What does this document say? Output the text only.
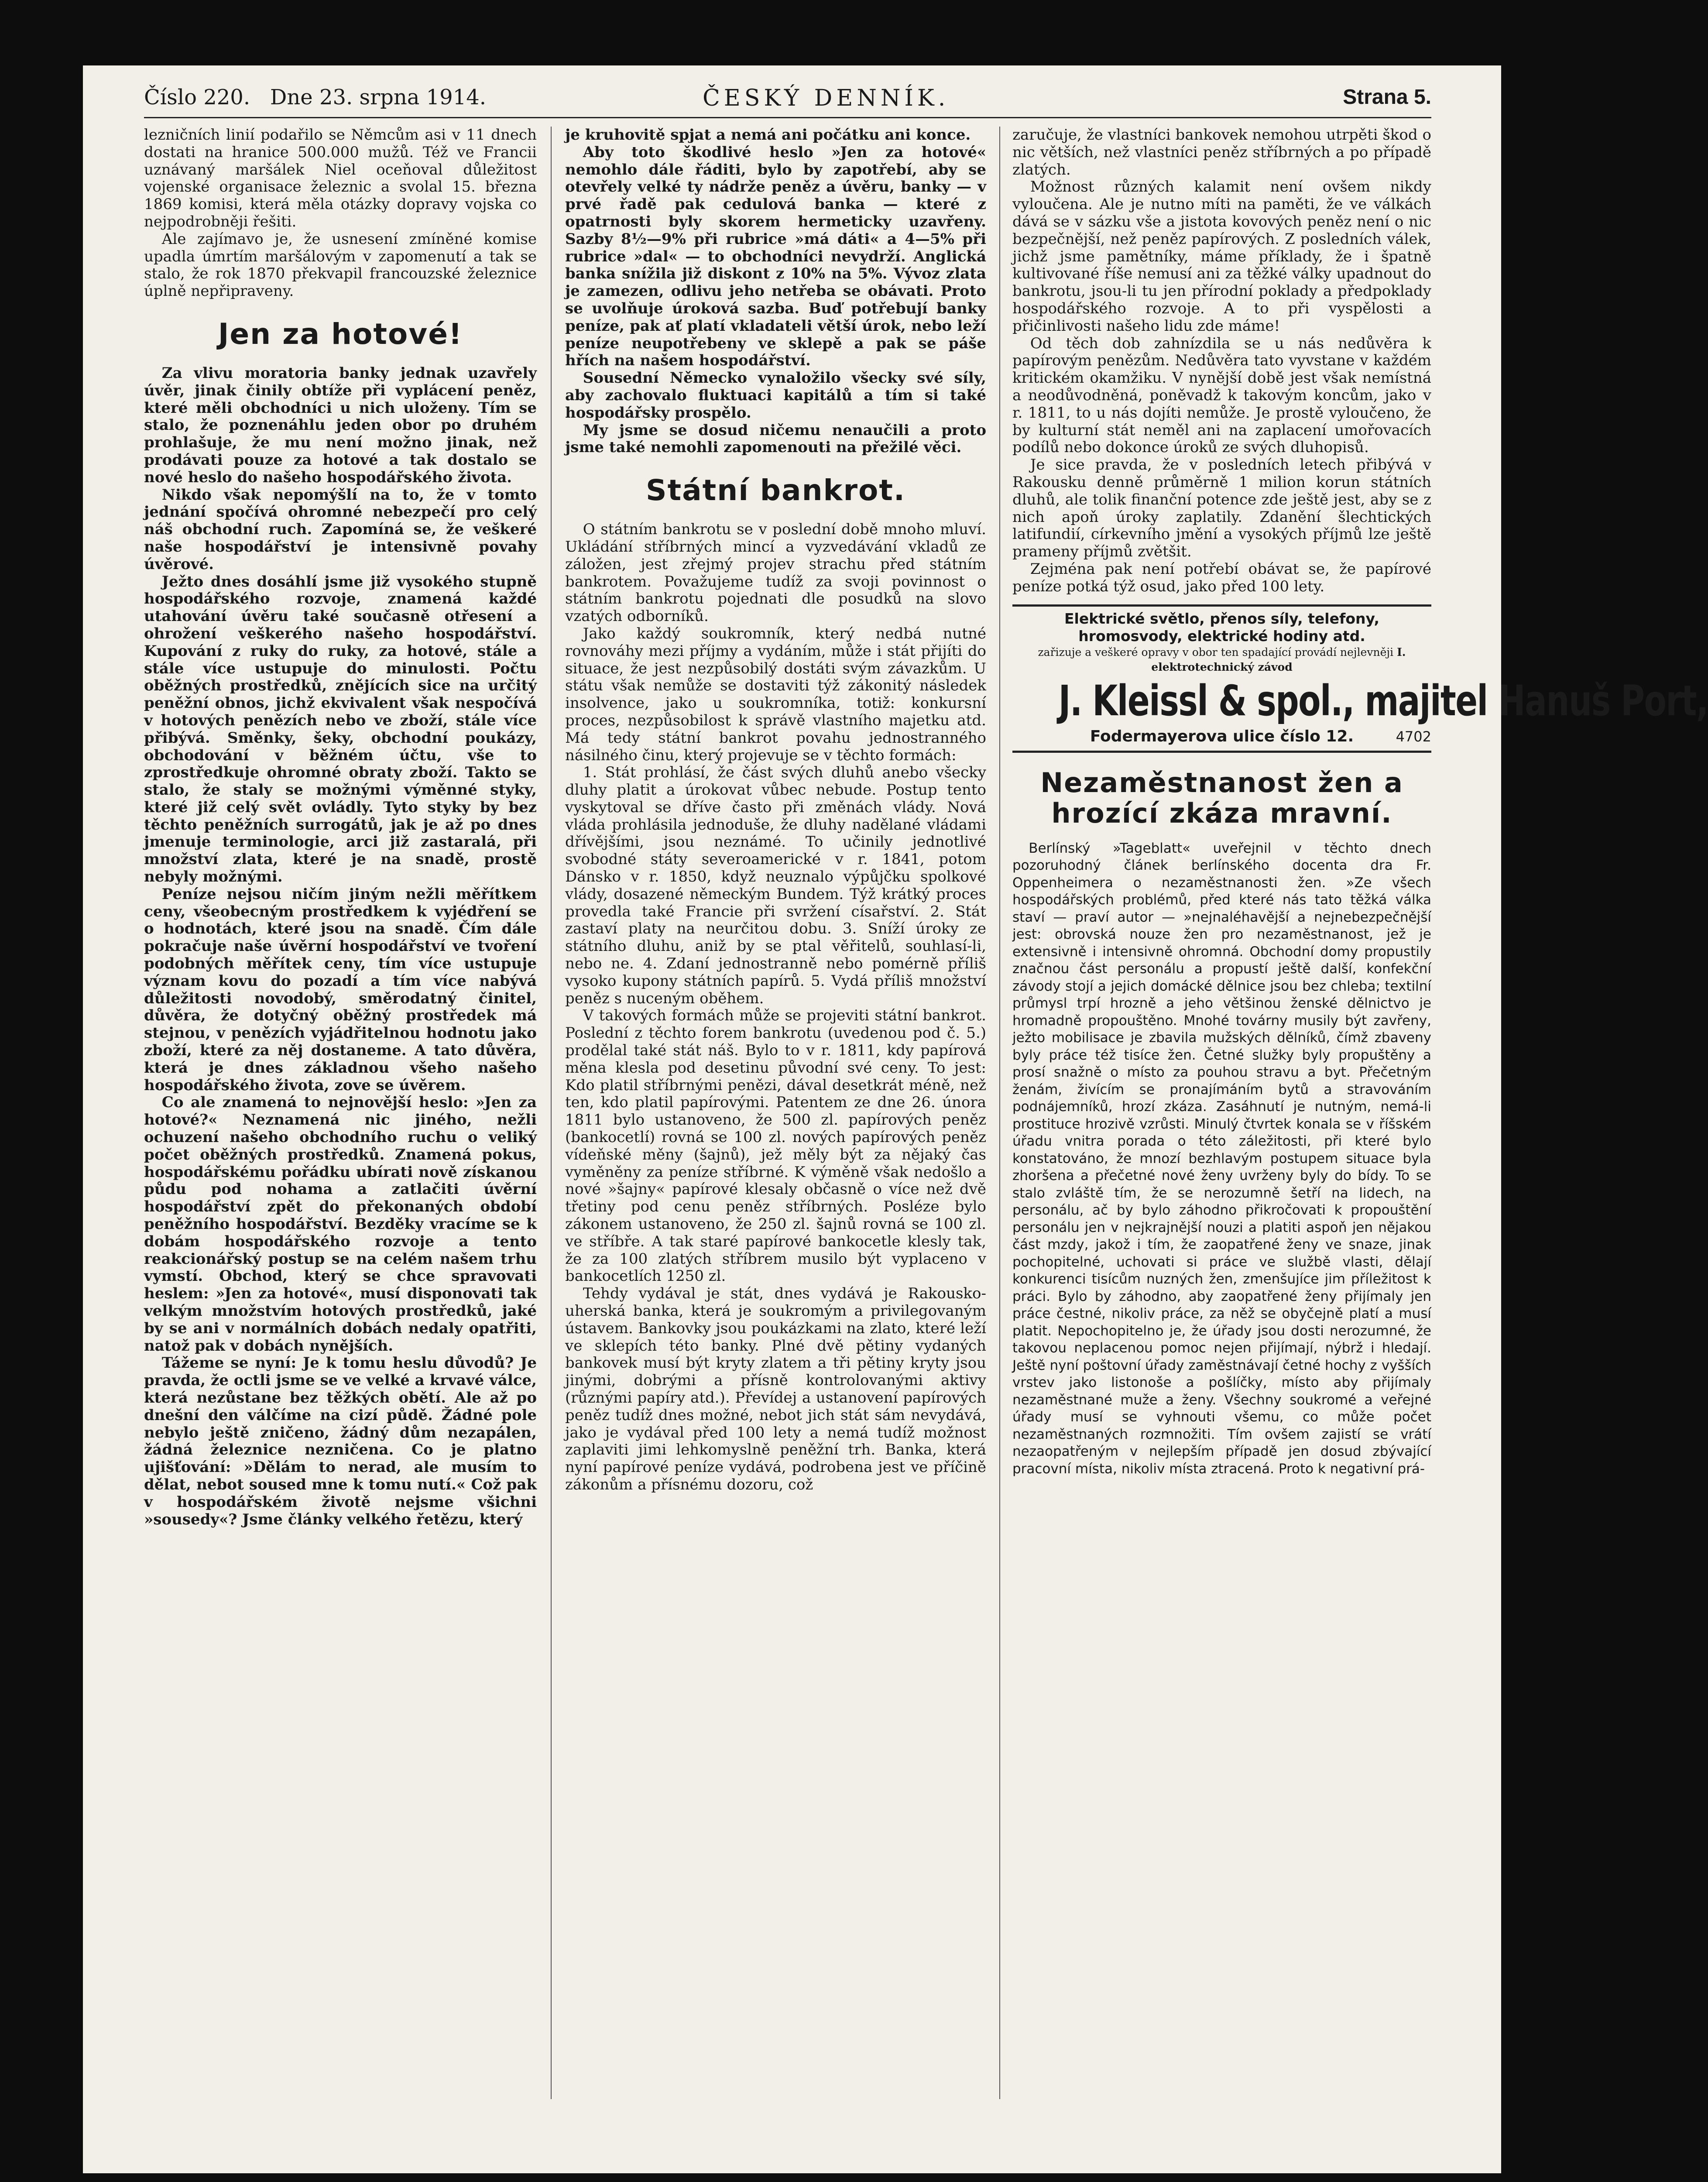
Číslo 220. Dne 23. srpna 1914.	ČESKÝ DENNÍK.	Strana 5.

lezničních linií podařilo se Němcům asi v 11 dnech dostati na hranice 500.000 mužů. Též ve Francii uznávaný maršálek Niel oceňoval důležitost vojenské organisace železnic a svolal 15. března 1869 komisi, která měla otázky dopravy vojska co nejpodrobněji řešiti.

Ale zajímavo je, že usnesení zmíněné komise upadla úmrtím maršálovým v zapomenutí a tak se stalo, že rok 1870 překvapil francouzské železnice úplně nepřipraveny.

Jen za hotové!

Za vlivu moratoria banky jednak uzavřely úvěr, jinak činily obtíže při vyplácení peněz, které měli obchodníci u nich uloženy. Tím se stalo, že poznenáhlu jeden obor po druhém prohlašuje, že mu není možno jinak, než prodávati pouze za hotové a tak dostalo se nové heslo do našeho hospodářského života.

Nikdo však nepomýšlí na to, že v tomto jednání spočívá ohromné nebezpečí pro celý náš obchodní ruch. Zapomíná se, že veškeré naše hospodářství je intensivně povahy úvěrové.

Ježto dnes dosáhlí jsme již vysokého stupně hospodářského rozvoje, znamená každé utahování úvěru také současně otřesení a ohrožení veškerého našeho hospodářství. Kupování z ruky do ruky, za hotové, stále a stále více ustupuje do minulosti. Počtu oběžných prostředků, znějících sice na určitý peněžní obnos, jichž ekvivalent však nespočívá v hotových penězích nebo ve zboží, stále více přibývá. Směnky, šeky, obchodní poukázy, obchodování v běžném účtu, vše to zprostředkuje ohromné obraty zboží. Takto se stalo, že staly se možnými výměnné styky, které již celý svět ovládly. Tyto styky by bez těchto peněžních surrogátů, jak je až po dnes jmenuje terminologie, arci již zastaralá, při množství zlata, které je na snadě, prostě nebyly možnými.

Peníze nejsou ničím jiným nežli měřítkem ceny, všeobecným prostředkem k vyjédření se o hodnotách, které jsou na snadě. Čím dále pokračuje naše úvěrní hospodářství ve tvoření podobných měřítek ceny, tím více ustupuje význam kovu do pozadí a tím více nabývá důležitosti novodobý, směrodatný činitel, důvěra, že dotyčný oběžný prostředek má stejnou, v penězích vyjádřitelnou hodnotu jako zboží, které za něj dostaneme. A tato důvěra, která je dnes základnou všeho našeho hospodářského života, zove se úvěrem.

Co ale znamená to nejnovější heslo: »Jen za hotové?« Neznamená nic jiného, nežli ochuzení našeho obchodního ruchu o veliký počet oběžných prostředků. Znamená pokus, hospodářskému pořádku ubírati nově získanou půdu pod nohama a zatlačiti úvěrní hospodářství zpět do překonaných období peněžního hospodářství. Bezděky vracíme se k dobám hospodářského rozvoje a tento reakcionářský postup se na celém našem trhu vymstí. Obchod, který se chce spravovati heslem: »Jen za hotové«, musí disponovati tak velkým množstvím hotových prostředků, jaké by se ani v normálních dobách nedaly opatřiti, natož pak v dobách nynějších.

Tážeme se nyní: Je k tomu heslu důvodů? Je pravda, že octli jsme se ve velké a krvavé válce, která nezůstane bez těžkých obětí. Ale až po dnešní den válčíme na cizí půdě. Žádné pole nebylo ještě zničeno, žádný dům nezapálen, žádná železnice nezničena. Co je platno ujišťování: »Dělám to nerad, ale musím to dělat, nebot soused mne k tomu nutí.« Což pak v hospodářském životě nejsme všichni »sousedy«? Jsme články velkého řetězu, který

je kruhovitě spjat a nemá ani počátku ani konce.

Aby toto škodlivé heslo »Jen za hotové« nemohlo dále řáditi, bylo by zapotřebí, aby se otevřely velké ty nádrže peněz a úvěru, banky — v prvé řadě pak cedulová banka — které z opatrnosti byly skorem hermeticky uzavřeny. Sazby 8½—9% při rubrice »má dáti« a 4—5% při rubrice »dal« — to obchodníci nevydrží. Anglická banka snížila již diskont z 10% na 5%. Vývoz zlata je zamezen, odlivu jeho netřeba se obávati. Proto se uvolňuje úroková sazba. Buď potřebují banky peníze, pak ať platí vkladateli větší úrok, nebo leží peníze neupotřebeny ve sklepě a pak se páše hřích na našem hospodářství.

Sousední Německo vynaložilo všecky své síly, aby zachovalo fluktuaci kapitálů a tím si také hospodářsky prospělo.

My jsme se dosud ničemu nenaučili a proto jsme také nemohli zapomenouti na přežilé věci.

Státní bankrot.

O státním bankrotu se v poslední době mnoho mluví. Ukládání stříbrných mincí a vyzvedávání vkladů ze záložen, jest zřejmý projev strachu před státním bankrotem. Považujeme tudíž za svoji povinnost o státním bankrotu pojednati dle posudků na slovo vzatých odborníků.

Jako každý soukromník, který nedbá nutné rovnováhy mezi příjmy a vydáním, může i stát přijíti do situace, že jest nezpůsobilý dostáti svým závazkům. U státu však nemůže se dostaviti týž zákonitý následek insolvence, jako u soukromníka, totiž: konkursní proces, nezpůsobilost k správě vlastního majetku atd. Má tedy státní bankrot povahu jednostranného násilného činu, který projevuje se v těchto formách:

1. Stát prohlásí, že část svých dluhů anebo všecky dluhy platit a úrokovat vůbec nebude. Postup tento vyskytoval se dříve často při změnách vlády. Nová vláda prohlásila jednoduše, že dluhy nadělané vládami dřívějšími, jsou neznámé. To učinily jednotlivé svobodné státy severoamerické v r. 1841, potom Dánsko v r. 1850, když neuznalo výpůjčku spolkové vlády, dosazené německým Bundem. Týž krátký proces provedla také Francie při svržení císařství. 2. Stát zastaví platy na neurčitou dobu. 3. Sníží úroky ze státního dluhu, aniž by se ptal věřitelů, souhlasí-li, nebo ne. 4. Zdaní jednostranně nebo pomérně příliš vysoko kupony státních papírů. 5. Vydá příliš množství peněz s nuceným oběhem.

V takových formách může se projeviti státní bankrot. Poslední z těchto forem bankrotu (uvedenou pod č. 5.) prodělal také stát náš. Bylo to v r. 1811, kdy papírová měna klesla pod desetinu původní své ceny. To jest: Kdo platil stříbrnými penězi, dával desetkrát méně, než ten, kdo platil papírovými. Patentem ze dne 26. února 1811 bylo ustanoveno, že 500 zl. papírových peněz (bankocetlí) rovná se 100 zl. nových papírových peněz vídeňské měny (šajnů), jež měly být za nějaký čas vyměněny za peníze stříbrné. K výměně však nedošlo a nové »šajny« papírové klesaly občasně o více než dvě třetiny pod cenu peněz stříbrných. Posléze bylo zákonem ustanoveno, že 250 zl. šajnů rovná se 100 zl. ve stříbře. A tak staré papírové bankocetle klesly tak, že za 100 zlatých stříbrem musilo být vyplaceno v bankocetlích 1250 zl.

Tehdy vydával je stát, dnes vydává je Rakousko-uherská banka, která je soukromým a privilegovaným ústavem. Bankovky jsou poukázkami na zlato, které leží ve sklepích této banky. Plné dvě pětiny vydaných bankovek musí být kryty zlatem a tři pětiny kryty jsou jinými, dobrými a přísně kontrolovanými aktivy (různými papíry atd.). Převídej a ustanovení papírových peněz tudíž dnes možné, nebot jich stát sám nevydává, jako je vydával před 100 lety a nemá tudíž možnost zaplaviti jimi lehkomyslně peněžní trh. Banka, která nyní papírové peníze vydává, podrobena jest ve příčině zákonům a přísnému dozoru, což

zaručuje, že vlastníci bankovek nemohou utrpěti škod o nic větších, než vlastníci peněz stříbrných a po případě zlatých.

Možnost různých kalamit není ovšem nikdy vyloučena. Ale je nutno míti na paměti, že ve válkách dává se v sázku vše a jistota kovových peněz není o nic bezpečnější, než peněz papírových. Z posledních válek, jichž jsme pamětníky, máme příklady, že i špatně kultivované říše nemusí ani za těžké války upadnout do bankrotu, jsou-li tu jen přírodní poklady a předpoklady hospodářského rozvoje. A to při vyspělosti a přičinlivosti našeho lidu zde máme!

Od těch dob zahnízdila se u nás nedůvěra k papírovým penězům. Nedůvěra tato vyvstane v každém kritickém okamžiku. V nynější době jest však nemístná a neodůvodněná, poněvadž k takovým koncům, jako v r. 1811, to u nás dojíti nemůže. Je prostě vyloučeno, že by kulturní stát neměl ani na zaplacení umořovacích podílů nebo dokonce úroků ze svých dluhopisů.

Je sice pravda, že v posledních letech přibývá v Rakousku denně průměrně 1 milion korun státních dluhů, ale tolik finanční potence zde ještě jest, aby se z nich apoň úroky zaplatily. Zdanění šlechtických latifundií, církevního jmění a vysokých příjmů lze ještě prameny příjmů zvětšit.

Zejména pak není potřebí obávat se, že papírové peníze potká týž osud, jako před 100 lety.

Elektrické světlo, přenos síly, telefony,
hromosvody, elektrické hodiny atd.
zařizuje a veškeré opravy v obor ten spadající provádí nejlevněji I. elektrotechnický závod
J. Kleissl & spol., majitel Hanuš Port,
Fodermayerova ulice číslo 12.	4702
Nezaměstnanost žen a hrozící zkáza mravní.

Berlínský »Tageblatt« uveřejnil v těchto dnech pozoruhodný článek berlínského docenta dra Fr. Oppenheimera o nezaměstnanosti žen. »Ze všech hospodářských problémů, před které nás tato těžká válka staví — praví autor — »nejnaléhavější a nejnebezpečnější jest: obrovská nouze žen pro nezaměstnanost, jež je extensivně i intensivně ohromná. Obchodní domy propustily značnou část personálu a propustí ještě další, konfekční závody stojí a jejich domácké dělnice jsou bez chleba; textilní průmysl trpí hrozně a jeho většinou ženské dělnictvo je hromadně propouštěno. Mnohé továrny musily být zavřeny, ježto mobilisace je zbavila mužských dělníků, čímž zbaveny byly práce též tisíce žen. Četné služky byly propuštěny a prosí snažně o místo za pouhou stravu a byt. Přečetným ženám, živícím se pronajímáním bytů a stravováním podnájemníků, hrozí zkáza. Zasáhnutí je nutným, nemá-li prostituce hrozivě vzrůsti. Minulý čtvrtek konala se v říšském úřadu vnitra porada o této záležitosti, při které bylo konstatováno, že mnozí bezhlavým postupem situace byla zhoršena a přečetné nové ženy uvrženy byly do bídy. To se stalo zvláště tím, že se nerozumně šetří na lidech, na personálu, ač by bylo záhodno přikročovati k propouštění personálu jen v nejkrajnější nouzi a platiti aspoň jen nějakou část mzdy, jakož i tím, že zaopatřené ženy ve snaze, jinak pochopitelné, uchovati si práce ve službě vlasti, dělají konkurenci tisícům nuzných žen, zmenšujíce jim příležitost k práci. Bylo by záhodno, aby zaopatřené ženy přijímaly jen práce čestné, nikoliv práce, za něž se obyčejně platí a musí platit. Nepochopitelno je, že úřady jsou dosti nerozumné, že takovou neplacenou pomoc nejen přijímají, nýbrž i hledají. Ještě nyní poštovní úřady zaměstnávají četné hochy z vyšších vrstev jako listonoše a pošlíčky, místo aby přijímaly nezaměstnané muže a ženy. Všechny soukromé a veřejné úřady musí se vyhnouti všemu, co může počet nezaměstnaných rozmnožiti. Tím ovšem zajistí se vrátí nezaopatřeným v nejlepším případě jen dosud zbývající pracovní místa, nikoliv místa ztracená. Proto k negativní prá-
